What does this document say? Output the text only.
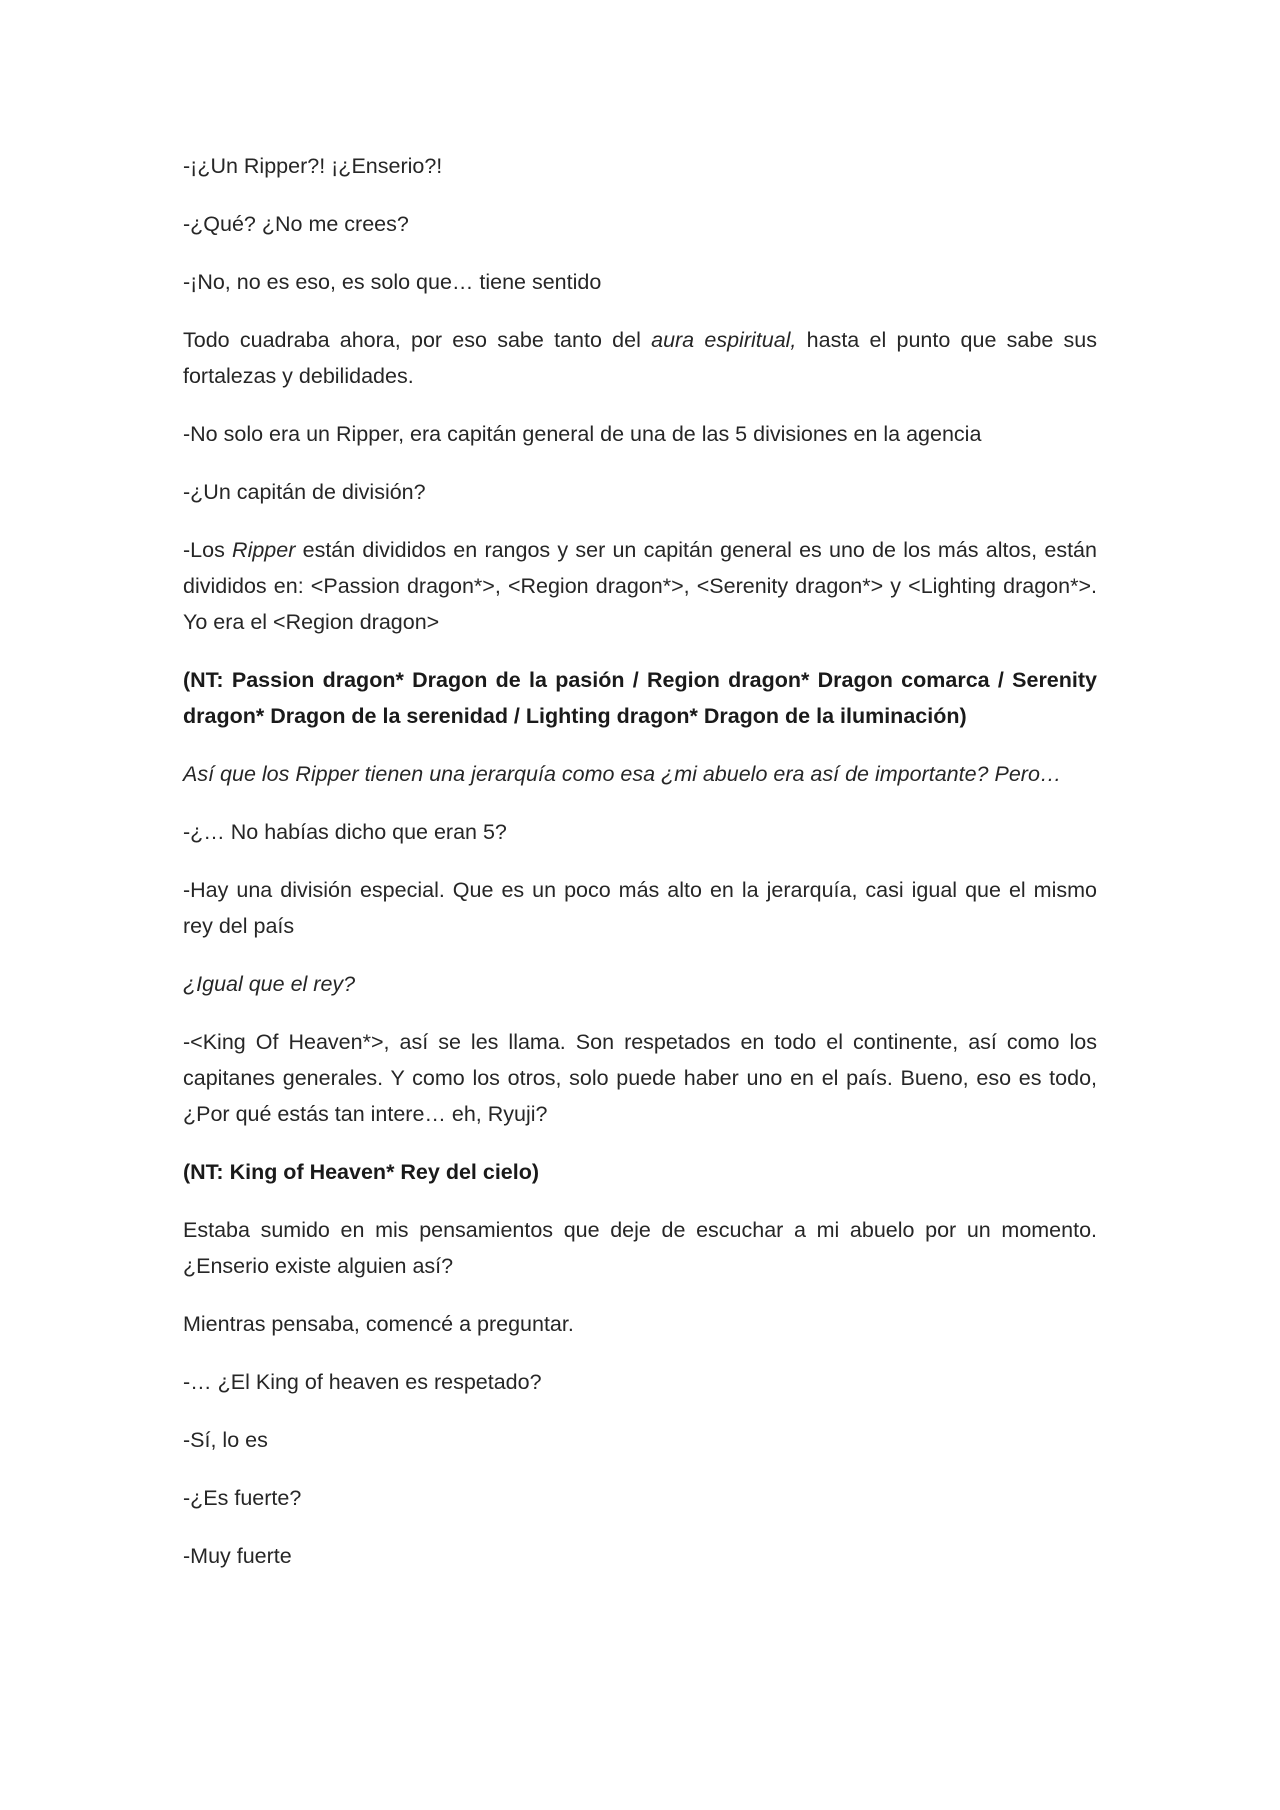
-¡¿Un Ripper?! ¡¿Enserio?!

-¿Qué? ¿No me crees?

-¡No, no es eso, es solo que… tiene sentido

Todo cuadraba ahora, por eso sabe tanto del aura espiritual, hasta el punto que sabe sus fortalezas y debilidades.

-No solo era un Ripper, era capitán general de una de las 5 divisiones en la agencia

-¿Un capitán de división?

-Los Ripper están divididos en rangos y ser un capitán general es uno de los más altos, están divididos en: <Passion dragon*>, <Region dragon*>, <Serenity dragon*> y <Lighting dragon*>. Yo era el <Region dragon>

(NT: Passion dragon* Dragon de la pasión / Region dragon* Dragon comarca / Serenity dragon* Dragon de la serenidad / Lighting dragon* Dragon de la iluminación)

Así que los Ripper tienen una jerarquía como esa ¿mi abuelo era así de importante? Pero…

-¿… No habías dicho que eran 5?

-Hay una división especial. Que es un poco más alto en la jerarquía, casi igual que el mismo rey del país

¿Igual que el rey?

-<King Of Heaven*>, así se les llama. Son respetados en todo el continente, así como los capitanes generales. Y como los otros, solo puede haber uno en el país. Bueno, eso es todo, ¿Por qué estás tan intere… eh, Ryuji?

(NT: King of Heaven* Rey del cielo)

Estaba sumido en mis pensamientos que deje de escuchar a mi abuelo por un momento. ¿Enserio existe alguien así?

Mientras pensaba, comencé a preguntar.

-… ¿El King of heaven es respetado?

-Sí, lo es

-¿Es fuerte?

-Muy fuerte
